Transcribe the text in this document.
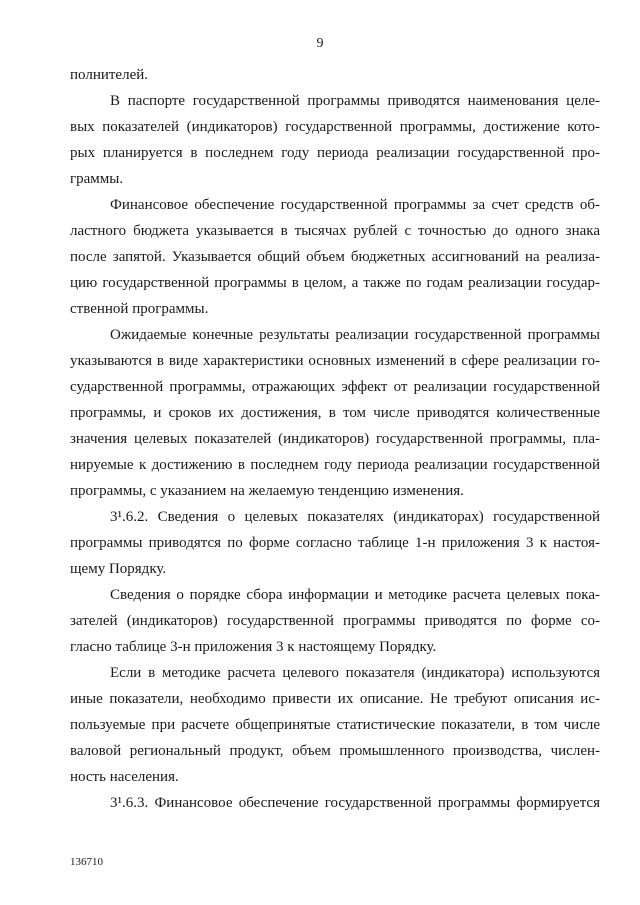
9
полнителей.
В паспорте государственной программы приводятся наименования целе-
вых показателей (индикаторов) государственной программы, достижение кото-
рых планируется в последнем году периода реализации государственной про-
граммы.
Финансовое обеспечение государственной программы за счет средств об-
ластного бюджета указывается в тысячах рублей с точностью до одного знака
после запятой. Указывается общий объем бюджетных ассигнований на реализа-
цию государственной программы в целом, а также по годам реализации государ-
ственной программы.
Ожидаемые конечные результаты реализации государственной программы
указываются в виде характеристики основных изменений в сфере реализации го-
сударственной программы, отражающих эффект от реализации государственной
программы, и сроков их достижения, в том числе приводятся количественные
значения целевых показателей (индикаторов) государственной программы, пла-
нируемые к достижению в последнем году периода реализации государственной
программы, с указанием на желаемую тенденцию изменения.
3¹.6.2. Сведения о целевых показателях (индикаторах) государственной
программы приводятся по форме согласно таблице 1-н приложения 3 к настоя-
щему Порядку.
Сведения о порядке сбора информации и методике расчета целевых пока-
зателей (индикаторов) государственной программы приводятся по форме со-
гласно таблице 3-н приложения 3 к настоящему Порядку.
Если в методике расчета целевого показателя (индикатора) используются
иные показатели, необходимо привести их описание. Не требуют описания ис-
пользуемые при расчете общепринятые статистические показатели, в том числе
валовой региональный продукт, объем промышленного производства, числен-
ность населения.
3¹.6.3. Финансовое обеспечение государственной программы формируется
136710
